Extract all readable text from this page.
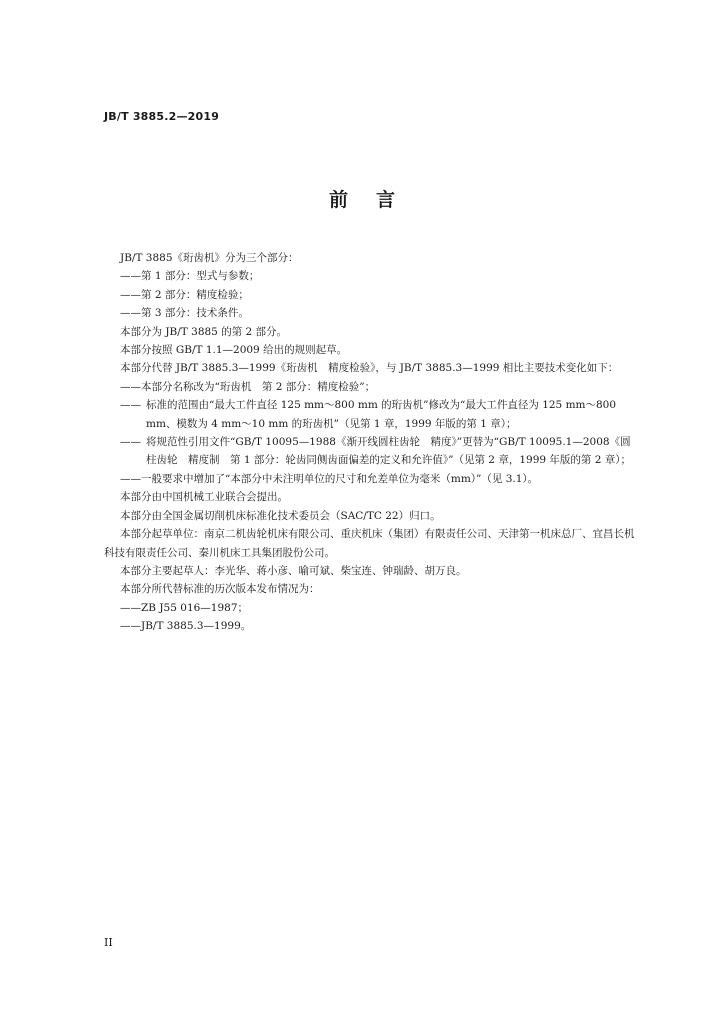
JB/T 3885.2—2019
前 言
JB/T 3885《珩齿机》分为三个部分：
——第 1 部分：型式与参数；
——第 2 部分：精度检验；
——第 3 部分：技术条件。
本部分为 JB/T 3885 的第 2 部分。
本部分按照 GB/T 1.1—2009 给出的规则起草。
本部分代替 JB/T 3885.3—1999《珩齿机　精度检验》，与 JB/T 3885.3—1999 相比主要技术变化如下：
——本部分名称改为“珩齿机　第 2 部分：精度检验”；
—— 标准的范围由“最大工件直径 125 mm～800 mm 的珩齿机”修改为“最大工件直径为 125 mm～800 mm、模数为 4 mm～10 mm 的珩齿机”（见第 1 章，1999 年版的第 1 章）；
—— 将规范性引用文件“GB/T 10095—1988《渐开线圆柱齿轮　精度》”更替为“GB/T 10095.1—2008《圆柱齿轮　精度制　第 1 部分：轮齿同侧齿面偏差的定义和允许值》”（见第 2 章，1999 年版的第 2 章）；
——一般要求中增加了“本部分中未注明单位的尺寸和允差单位为毫米（mm）”（见 3.1）。
本部分由中国机械工业联合会提出。
本部分由全国金属切削机床标准化技术委员会（SAC/TC 22）归口。
本部分起草单位：南京二机齿轮机床有限公司、重庆机床（集团）有限责任公司、天津第一机床总厂、宜昌长机科技有限责任公司、秦川机床工具集团股份公司。
本部分主要起草人：李光华、蒋小彦、喻可斌、柴宝连、钟瑞龄、胡万良。
本部分所代替标准的历次版本发布情况为：
——ZB J55 016—1987；
——JB/T 3885.3—1999。
II
